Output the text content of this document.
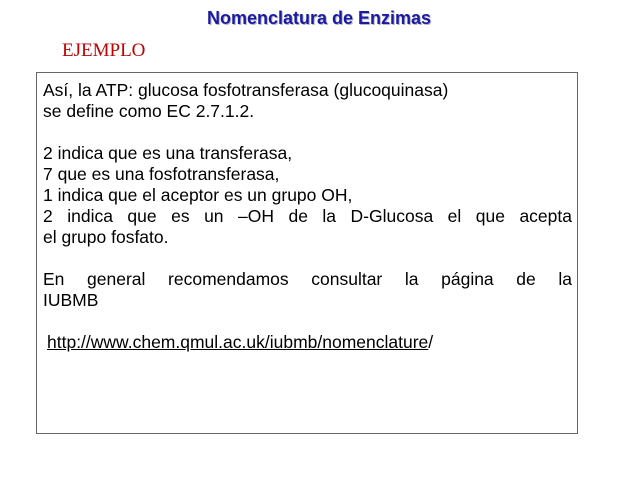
Nomenclatura de Enzimas

EJEMPLO

Así, la ATP: glucosa fosfotransferasa (glucoquinasa)
se define como EC 2.7.1.2.
2 indica que es una transferasa,
7 que es una fosfotransferasa,
1 indica que el aceptor es un grupo OH,
2 indica que es un –OH de la D-Glucosa el que acepta
el grupo fosfato.
En general recomendamos consultar la página de la
IUBMB
http://www.chem.qmul.ac.uk/iubmb/nomenclature/
